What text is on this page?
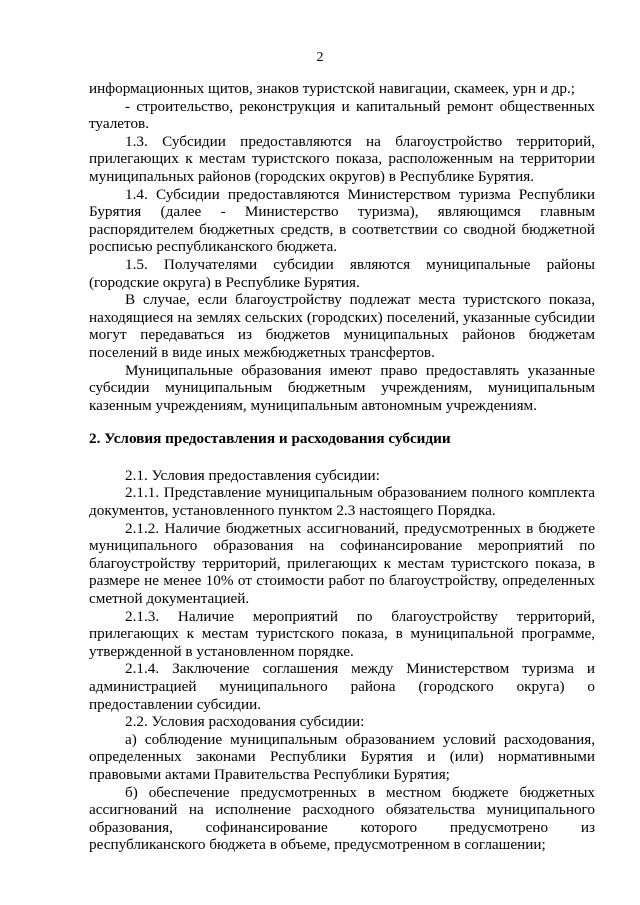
2

информационных щитов, знаков туристской навигации, скамеек, урн и др.;

- строительство, реконструкция и капитальный ремонт общественных туалетов.

1.3. Субсидии предоставляются на благоустройство территорий, прилегающих к местам туристского показа, расположенным на территории муниципальных районов (городских округов) в Республике Бурятия.

1.4. Субсидии предоставляются Министерством туризма Республики Бурятия (далее - Министерство туризма), являющимся главным распорядителем бюджетных средств, в соответствии со сводной бюджетной росписью республиканского бюджета.

1.5. Получателями субсидии являются муниципальные районы (городские округа) в Республике Бурятия.

В случае, если благоустройству подлежат места туристского показа, находящиеся на землях сельских (городских) поселений, указанные субсидии могут передаваться из бюджетов муниципальных районов бюджетам поселений в виде иных межбюджетных трансфертов.

Муниципальные образования имеют право предоставлять указанные субсидии муниципальным бюджетным учреждениям, муниципальным казенным учреждениям, муниципальным автономным учреждениям.

2. Условия предоставления и расходования субсидии

2.1. Условия предоставления субсидии:

2.1.1. Представление муниципальным образованием полного комплекта документов, установленного пунктом 2.3 настоящего Порядка.

2.1.2. Наличие бюджетных ассигнований, предусмотренных в бюджете муниципального образования на софинансирование мероприятий по благоустройству территорий, прилегающих к местам туристского показа, в размере не менее 10% от стоимости работ по благоустройству, определенных сметной документацией.

2.1.3. Наличие мероприятий по благоустройству территорий, прилегающих к местам туристского показа, в муниципальной программе, утвержденной в установленном порядке.

2.1.4. Заключение соглашения между Министерством туризма и администрацией муниципального района (городского округа) о предоставлении субсидии.

2.2. Условия расходования субсидии:

а) соблюдение муниципальным образованием условий расходования, определенных законами Республики Бурятия и (или) нормативными правовыми актами Правительства Республики Бурятия;

б) обеспечение предусмотренных в местном бюджете бюджетных ассигнований на исполнение расходного обязательства муниципального образования, софинансирование которого предусмотрено из республиканского бюджета в объеме, предусмотренном в соглашении;
